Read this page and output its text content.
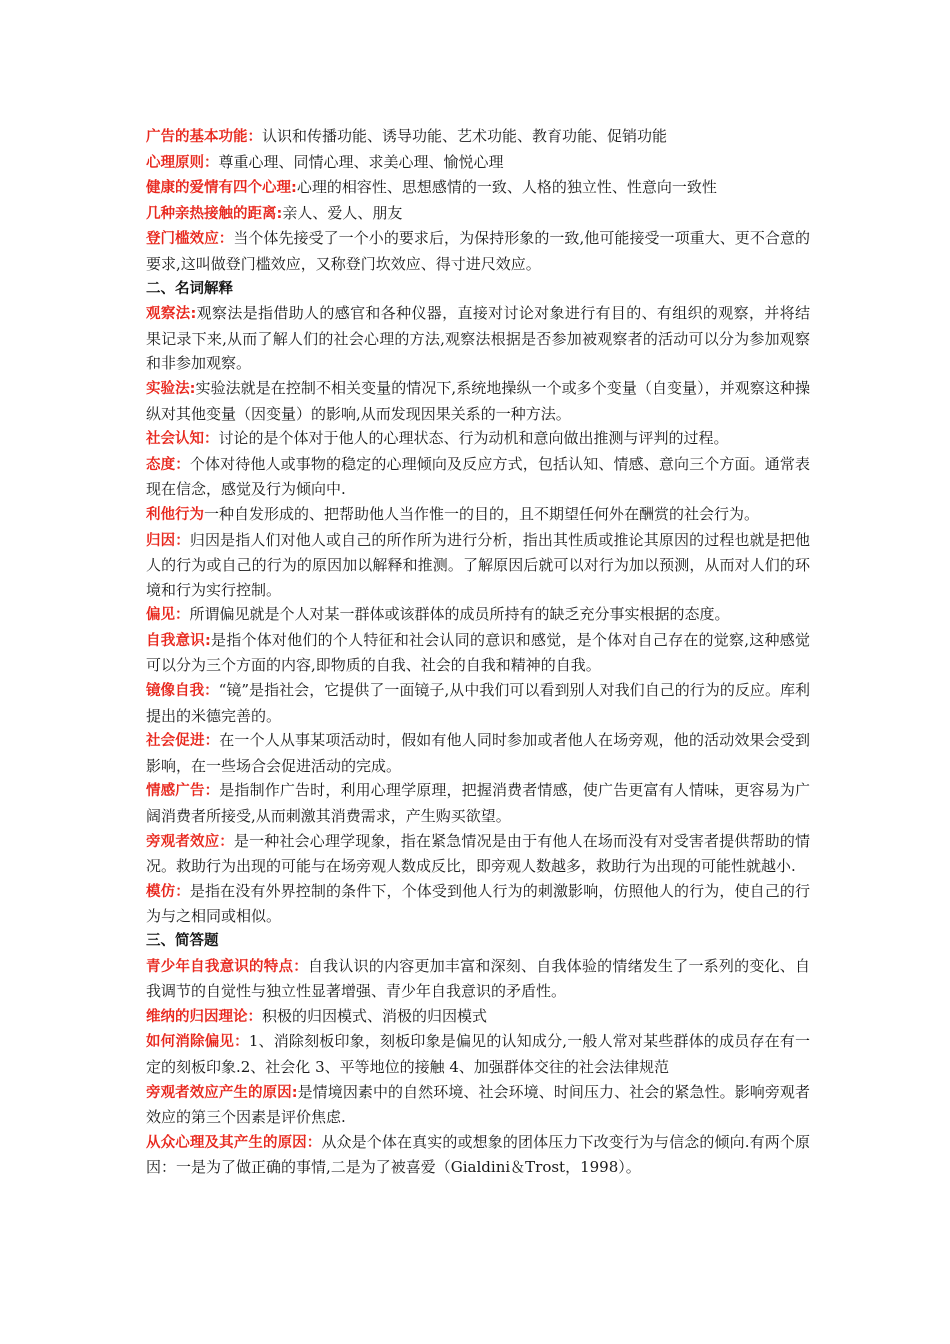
广告的基本功能：认识和传播功能、诱导功能、艺术功能、教育功能、促销功能

心理原则：尊重心理、同情心理、求美心理、愉悦心理

健康的爱情有四个心理:心理的相容性、思想感情的一致、人格的独立性、性意向一致性

几种亲热接触的距离:亲人、爱人、朋友

登门槛效应：当个体先接受了一个小的要求后，为保持形象的一致,他可能接受一项重大、更不合意的要求,这叫做登门槛效应，又称登门坎效应、得寸进尺效应。

二、名词解释

观察法:观察法是指借助人的感官和各种仪器，直接对讨论对象进行有目的、有组织的观察，并将结果记录下来,从而了解人们的社会心理的方法,观察法根据是否参加被观察者的活动可以分为参加观察和非参加观察。

实验法:实验法就是在控制不相关变量的情况下,系统地操纵一个或多个变量（自变量），并观察这种操纵对其他变量（因变量）的影响,从而发现因果关系的一种方法。

社会认知：讨论的是个体对于他人的心理状态、行为动机和意向做出推测与评判的过程。

态度：个体对待他人或事物的稳定的心理倾向及反应方式，包括认知、情感、意向三个方面。通常表现在信念，感觉及行为倾向中.

利他行为一种自发形成的、把帮助他人当作惟一的目的，且不期望任何外在酬赏的社会行为。

归因：归因是指人们对他人或自己的所作所为进行分析，指出其性质或推论其原因的过程也就是把他人的行为或自己的行为的原因加以解释和推测。了解原因后就可以对行为加以预测，从而对人们的环境和行为实行控制。

偏见：所谓偏见就是个人对某一群体或该群体的成员所持有的缺乏充分事实根据的态度。

自我意识:是指个体对他们的个人特征和社会认同的意识和感觉，是个体对自己存在的觉察,这种感觉可以分为三个方面的内容,即物质的自我、社会的自我和精神的自我。

镜像自我：“镜”是指社会，它提供了一面镜子,从中我们可以看到别人对我们自己的行为的反应。库利提出的米德完善的。

社会促进：在一个人从事某项活动时，假如有他人同时参加或者他人在场旁观，他的活动效果会受到影响，在一些场合会促进活动的完成。

情感广告：是指制作广告时，利用心理学原理，把握消费者情感，使广告更富有人情味，更容易为广阔消费者所接受,从而刺激其消费需求，产生购买欲望。

旁观者效应：是一种社会心理学现象，指在紧急情况是由于有他人在场而没有对受害者提供帮助的情况。救助行为出现的可能与在场旁观人数成反比，即旁观人数越多，救助行为出现的可能性就越小.

模仿：是指在没有外界控制的条件下，个体受到他人行为的刺激影响，仿照他人的行为，使自己的行为与之相同或相似。

三、简答题

青少年自我意识的特点：自我认识的内容更加丰富和深刻、自我体验的情绪发生了一系列的变化、自我调节的自觉性与独立性显著增强、青少年自我意识的矛盾性。

维纳的归因理论：积极的归因模式、消极的归因模式

如何消除偏见：1、消除刻板印象，刻板印象是偏见的认知成分,一般人常对某些群体的成员存在有一定的刻板印象.2、社会化 3、平等地位的接触 4、加强群体交往的社会法律规范

旁观者效应产生的原因:是情境因素中的自然环境、社会环境、时间压力、社会的紧急性。影响旁观者效应的第三个因素是评价焦虑.

从众心理及其产生的原因：从众是个体在真实的或想象的团体压力下改变行为与信念的倾向.有两个原因：一是为了做正确的事情,二是为了被喜爱（Gialdini＆Trost，1998）。
